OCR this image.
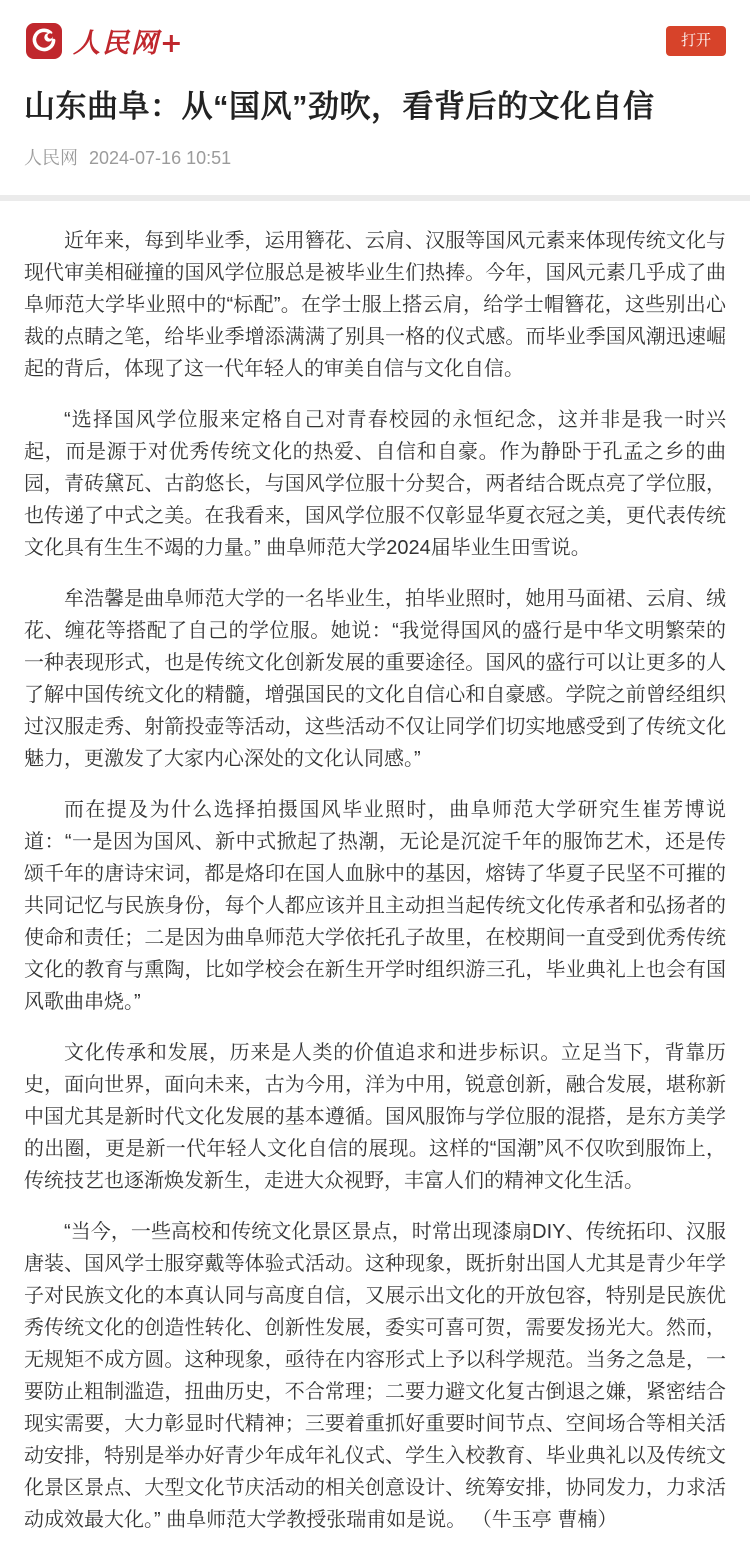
人民网+	打开
山东曲阜：从“国风”劲吹，看背后的文化自信
人民网 2024-07-16 10:51

近年来，每到毕业季，运用簪花、云肩、汉服等国风元素来体现传统文化与现代审美相碰撞的国风学位服总是被毕业生们热捧。今年，国风元素几乎成了曲阜师范大学毕业照中的“标配”。在学士服上搭云肩，给学士帽簪花，这些别出心裁的点睛之笔，给毕业季增添满满了别具一格的仪式感。而毕业季国风潮迅速崛起的背后，体现了这一代年轻人的审美自信与文化自信。

“选择国风学位服来定格自己对青春校园的永恒纪念，这并非是我一时兴起，而是源于对优秀传统文化的热爱、自信和自豪。作为静卧于孔孟之乡的曲园，青砖黛瓦、古韵悠长，与国风学位服十分契合，两者结合既点亮了学位服，也传递了中式之美。在我看来，国风学位服不仅彰显华夏衣冠之美，更代表传统文化具有生生不竭的力量。” 曲阜师范大学2024届毕业生田雪说。

牟浩馨是曲阜师范大学的一名毕业生，拍毕业照时，她用马面裙、云肩、绒花、缠花等搭配了自己的学位服。她说：“我觉得国风的盛行是中华文明繁荣的一种表现形式，也是传统文化创新发展的重要途径。国风的盛行可以让更多的人了解中国传统文化的精髓，增强国民的文化自信心和自豪感。学院之前曾经组织过汉服走秀、射箭投壶等活动，这些活动不仅让同学们切实地感受到了传统文化魅力，更激发了大家内心深处的文化认同感。”

而在提及为什么选择拍摄国风毕业照时，曲阜师范大学研究生崔芳博说道：“一是因为国风、新中式掀起了热潮，无论是沉淀千年的服饰艺术，还是传颂千年的唐诗宋词，都是烙印在国人血脉中的基因，熔铸了华夏子民坚不可摧的共同记忆与民族身份，每个人都应该并且主动担当起传统文化传承者和弘扬者的使命和责任；二是因为曲阜师范大学依托孔子故里，在校期间一直受到优秀传统文化的教育与熏陶，比如学校会在新生开学时组织游三孔，毕业典礼上也会有国风歌曲串烧。”

文化传承和发展，历来是人类的价值追求和进步标识。立足当下，背靠历史，面向世界，面向未来，古为今用，洋为中用，锐意创新，融合发展，堪称新中国尤其是新时代文化发展的基本遵循。国风服饰与学位服的混搭，是东方美学的出圈，更是新一代年轻人文化自信的展现。这样的“国潮”风不仅吹到服饰上，传统技艺也逐渐焕发新生，走进大众视野，丰富人们的精神文化生活。

“当今，一些高校和传统文化景区景点，时常出现漆扇DIY、传统拓印、汉服唐装、国风学士服穿戴等体验式活动。这种现象，既折射出国人尤其是青少年学子对民族文化的本真认同与高度自信，又展示出文化的开放包容，特别是民族优秀传统文化的创造性转化、创新性发展，委实可喜可贺，需要发扬光大。然而，无规矩不成方圆。这种现象，亟待在内容形式上予以科学规范。当务之急是，一要防止粗制滥造，扭曲历史，不合常理；二要力避文化复古倒退之嫌，紧密结合现实需要，大力彰显时代精神；三要着重抓好重要时间节点、空间场合等相关活动安排，特别是举办好青少年成年礼仪式、学生入校教育、毕业典礼以及传统文化景区景点、大型文化节庆活动的相关创意设计、统筹安排，协同发力，力求活动成效最大化。” 曲阜师范大学教授张瑞甫如是说。 （牛玉亭 曹楠）
